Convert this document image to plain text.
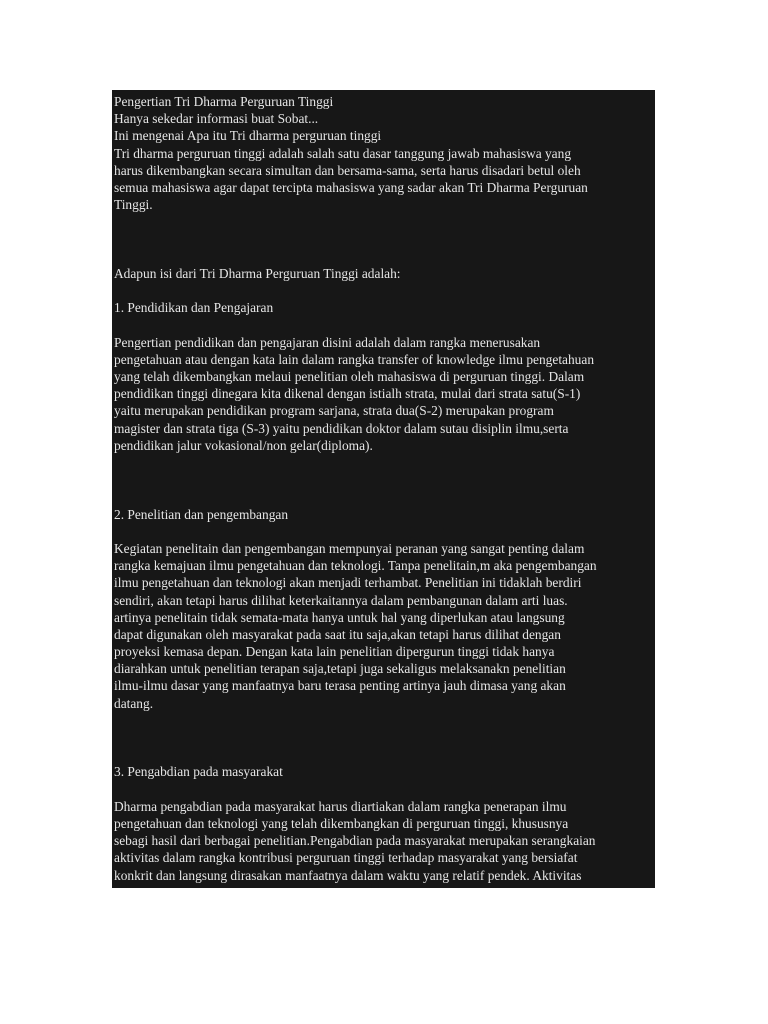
Pengertian Tri Dharma Perguruan Tinggi
Hanya sekedar informasi buat Sobat...
Ini mengenai Apa itu Tri dharma perguruan tinggi
Tri dharma perguruan tinggi adalah salah satu dasar tanggung jawab mahasiswa yang
harus dikembangkan secara simultan dan bersama-sama, serta harus disadari betul oleh
semua mahasiswa agar dapat tercipta mahasiswa yang sadar akan Tri Dharma Perguruan
Tinggi.
Adapun isi dari Tri Dharma Perguruan Tinggi adalah:
1. Pendidikan dan Pengajaran
Pengertian pendidikan dan pengajaran disini adalah dalam rangka menerusakan
pengetahuan atau dengan kata lain dalam rangka transfer of knowledge ilmu pengetahuan
yang telah dikembangkan melaui penelitian oleh mahasiswa di perguruan tinggi. Dalam
pendidikan tinggi dinegara kita dikenal dengan istialh strata, mulai dari strata satu(S-1)
yaitu merupakan pendidikan program sarjana, strata dua(S-2) merupakan program
magister dan strata tiga (S-3) yaitu pendidikan doktor dalam sutau disiplin ilmu,serta
pendidikan jalur vokasional/non gelar(diploma).
2. Penelitian dan pengembangan
Kegiatan penelitain dan pengembangan mempunyai peranan yang sangat penting dalam
rangka kemajuan ilmu pengetahuan dan teknologi. Tanpa penelitain,m aka pengembangan
ilmu pengetahuan dan teknologi akan menjadi terhambat. Penelitian ini tidaklah berdiri
sendiri, akan tetapi harus dilihat keterkaitannya dalam pembangunan dalam arti luas.
artinya penelitain tidak semata-mata hanya untuk hal yang diperlukan atau langsung
dapat digunakan oleh masyarakat pada saat itu saja,akan tetapi harus dilihat dengan
proyeksi kemasa depan. Dengan kata lain penelitian dipergurun tinggi tidak hanya
diarahkan untuk penelitian terapan saja,tetapi juga sekaligus melaksanakn penelitian
ilmu-ilmu dasar yang manfaatnya baru terasa penting artinya jauh dimasa yang akan
datang.
3. Pengabdian pada masyarakat
Dharma pengabdian pada masyarakat harus diartiakan dalam rangka penerapan ilmu
pengetahuan dan teknologi yang telah dikembangkan di perguruan tinggi, khususnya
sebagi hasil dari berbagai penelitian.Pengabdian pada masyarakat merupakan serangkaian
aktivitas dalam rangka kontribusi perguruan tinggi terhadap masyarakat yang bersiafat
konkrit dan langsung dirasakan manfaatnya dalam waktu yang relatif pendek. Aktivitas
